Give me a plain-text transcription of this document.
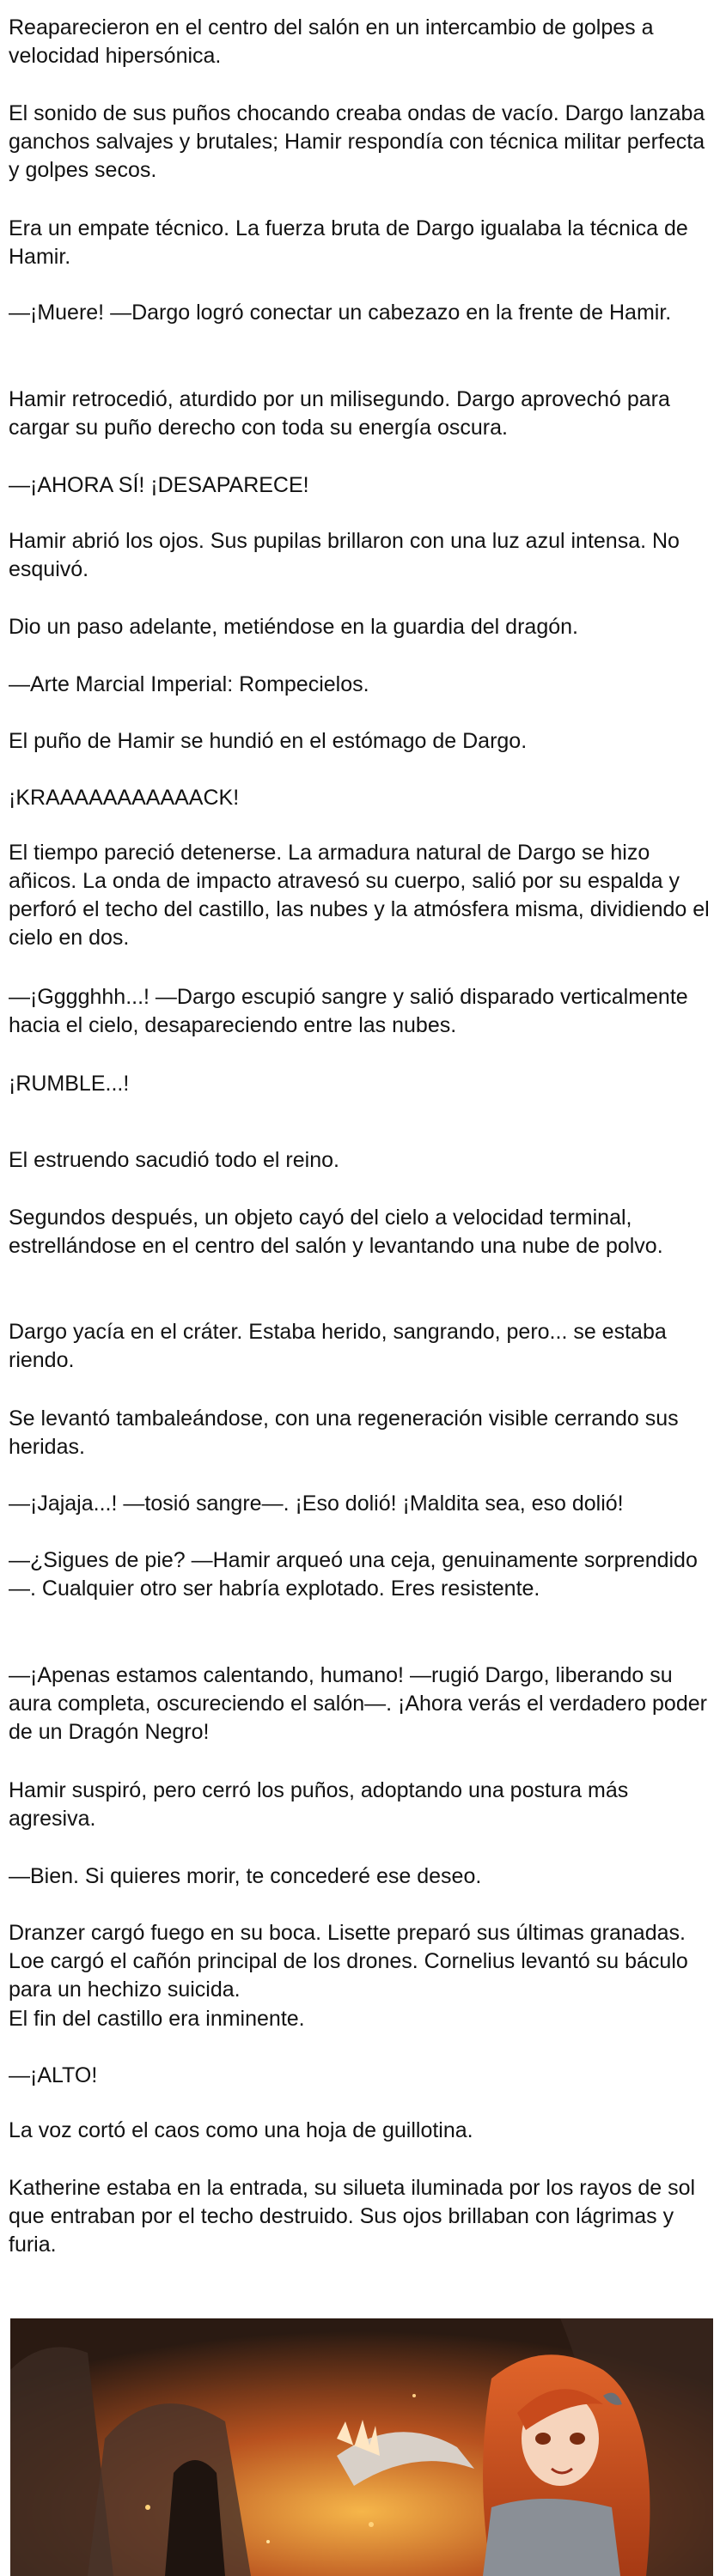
Reaparecieron en el centro del salón en un intercambio de golpes a velocidad hipersónica.

El sonido de sus puños chocando creaba ondas de vacío. Dargo lanzaba ganchos salvajes y brutales; Hamir respondía con técnica militar perfecta y golpes secos.

Era un empate técnico. La fuerza bruta de Dargo igualaba la técnica de Hamir.

—¡Muere! —Dargo logró conectar un cabezazo en la frente de Hamir.

Hamir retrocedió, aturdido por un milisegundo. Dargo aprovechó para cargar su puño derecho con toda su energía oscura.

—¡AHORA SÍ! ¡DESAPARECE!

Hamir abrió los ojos. Sus pupilas brillaron con una luz azul intensa. No esquivó.

Dio un paso adelante, metiéndose en la guardia del dragón.

—Arte Marcial Imperial: Rompecielos.

El puño de Hamir se hundió en el estómago de Dargo.

¡KRAAAAAAAAAAACK!

El tiempo pareció detenerse. La armadura natural de Dargo se hizo añicos. La onda de impacto atravesó su cuerpo, salió por su espalda y perforó el techo del castillo, las nubes y la atmósfera misma, dividiendo el cielo en dos.

—¡Gggghhh...! —Dargo escupió sangre y salió disparado verticalmente hacia el cielo, desapareciendo entre las nubes.

¡RUMBLE...!

El estruendo sacudió todo el reino.

Segundos después, un objeto cayó del cielo a velocidad terminal, estrellándose en el centro del salón y levantando una nube de polvo.

Dargo yacía en el cráter. Estaba herido, sangrando, pero... se estaba riendo.

Se levantó tambaleándose, con una regeneración visible cerrando sus heridas.

—¡Jajaja...! —tosió sangre—. ¡Eso dolió! ¡Maldita sea, eso dolió!

—¿Sigues de pie? —Hamir arqueó una ceja, genuinamente sorprendido—. Cualquier otro ser habría explotado. Eres resistente.

—¡Apenas estamos calentando, humano! —rugió Dargo, liberando su aura completa, oscureciendo el salón—. ¡Ahora verás el verdadero poder de un Dragón Negro!

Hamir suspiró, pero cerró los puños, adoptando una postura más agresiva.

—Bien. Si quieres morir, te concederé ese deseo.

Dranzer cargó fuego en su boca. Lisette preparó sus últimas granadas. Loe cargó el cañón principal de los drones. Cornelius levantó su báculo para un hechizo suicida.

El fin del castillo era inminente.

—¡ALTO!

La voz cortó el caos como una hoja de guillotina.

Katherine estaba en la entrada, su silueta iluminada por los rayos de sol que entraban por el techo destruido. Sus ojos brillaban con lágrimas y furia.
